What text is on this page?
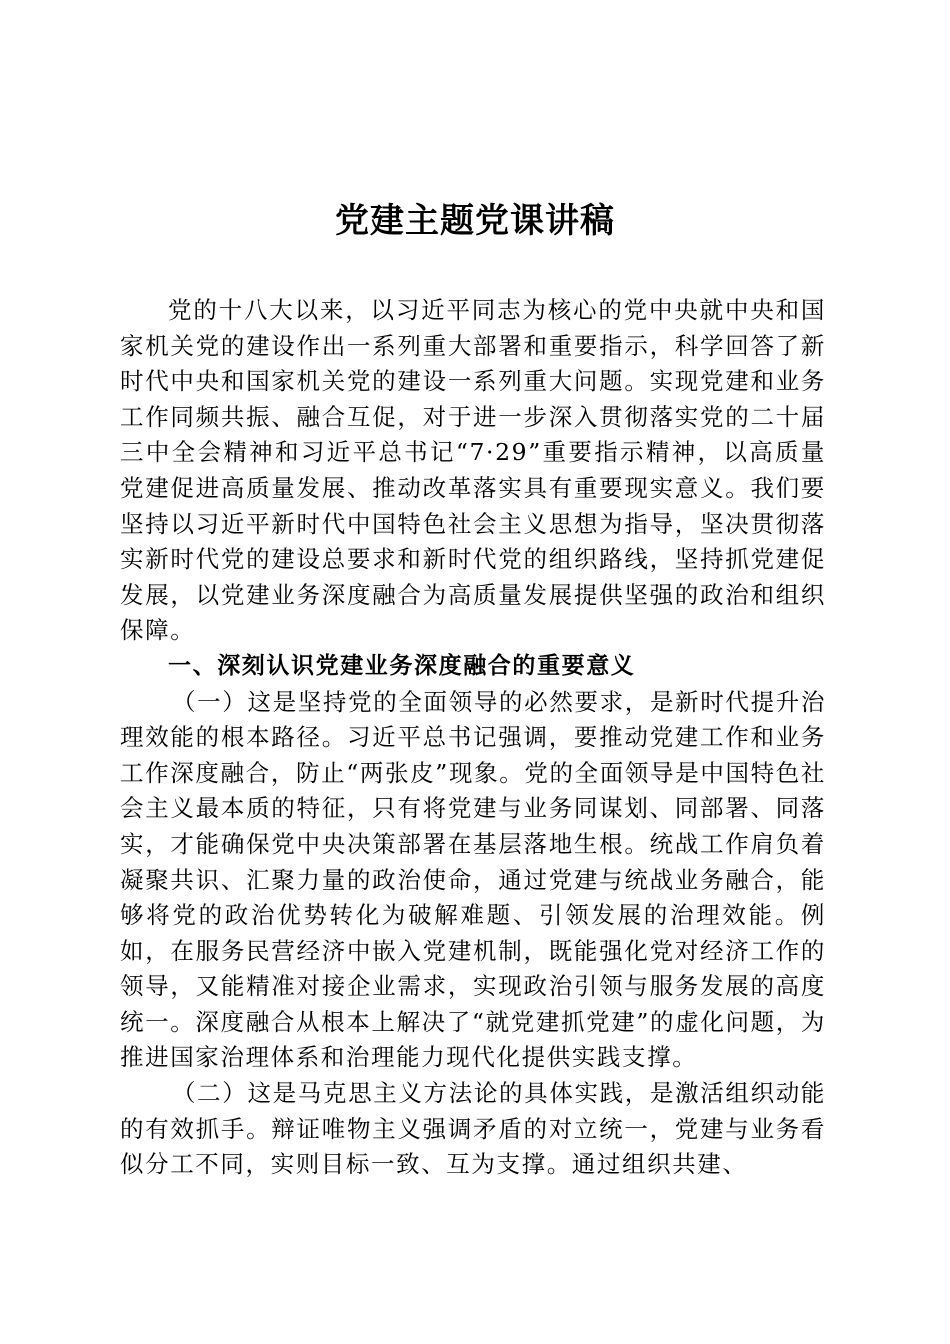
党建主题党课讲稿

党的十八大以来，以习近平同志为核心的党中央就中央和国家机关党的建设作出一系列重大部署和重要指示，科学回答了新时代中央和国家机关党的建设一系列重大问题。实现党建和业务工作同频共振、融合互促，对于进一步深入贯彻落实党的二十届三中全会精神和习近平总书记“7·29”重要指示精神，以高质量党建促进高质量发展、推动改革落实具有重要现实意义。我们要坚持以习近平新时代中国特色社会主义思想为指导，坚决贯彻落实新时代党的建设总要求和新时代党的组织路线，坚持抓党建促发展，以党建业务深度融合为高质量发展提供坚强的政治和组织保障。

一、深刻认识党建业务深度融合的重要意义

（一）这是坚持党的全面领导的必然要求，是新时代提升治理效能的根本路径。习近平总书记强调，要推动党建工作和业务工作深度融合，防止“两张皮”现象。党的全面领导是中国特色社会主义最本质的特征，只有将党建与业务同谋划、同部署、同落实，才能确保党中央决策部署在基层落地生根。统战工作肩负着凝聚共识、汇聚力量的政治使命，通过党建与统战业务融合，能够将党的政治优势转化为破解难题、引领发展的治理效能。例如，在服务民营经济中嵌入党建机制，既能强化党对经济工作的领导，又能精准对接企业需求，实现政治引领与服务发展的高度统一。深度融合从根本上解决了“就党建抓党建”的虚化问题，为推进国家治理体系和治理能力现代化提供实践支撑。

（二）这是马克思主义方法论的具体实践，是激活组织动能的有效抓手。辩证唯物主义强调矛盾的对立统一，党建与业务看似分工不同，实则目标一致、互为支撑。通过组织共建、
